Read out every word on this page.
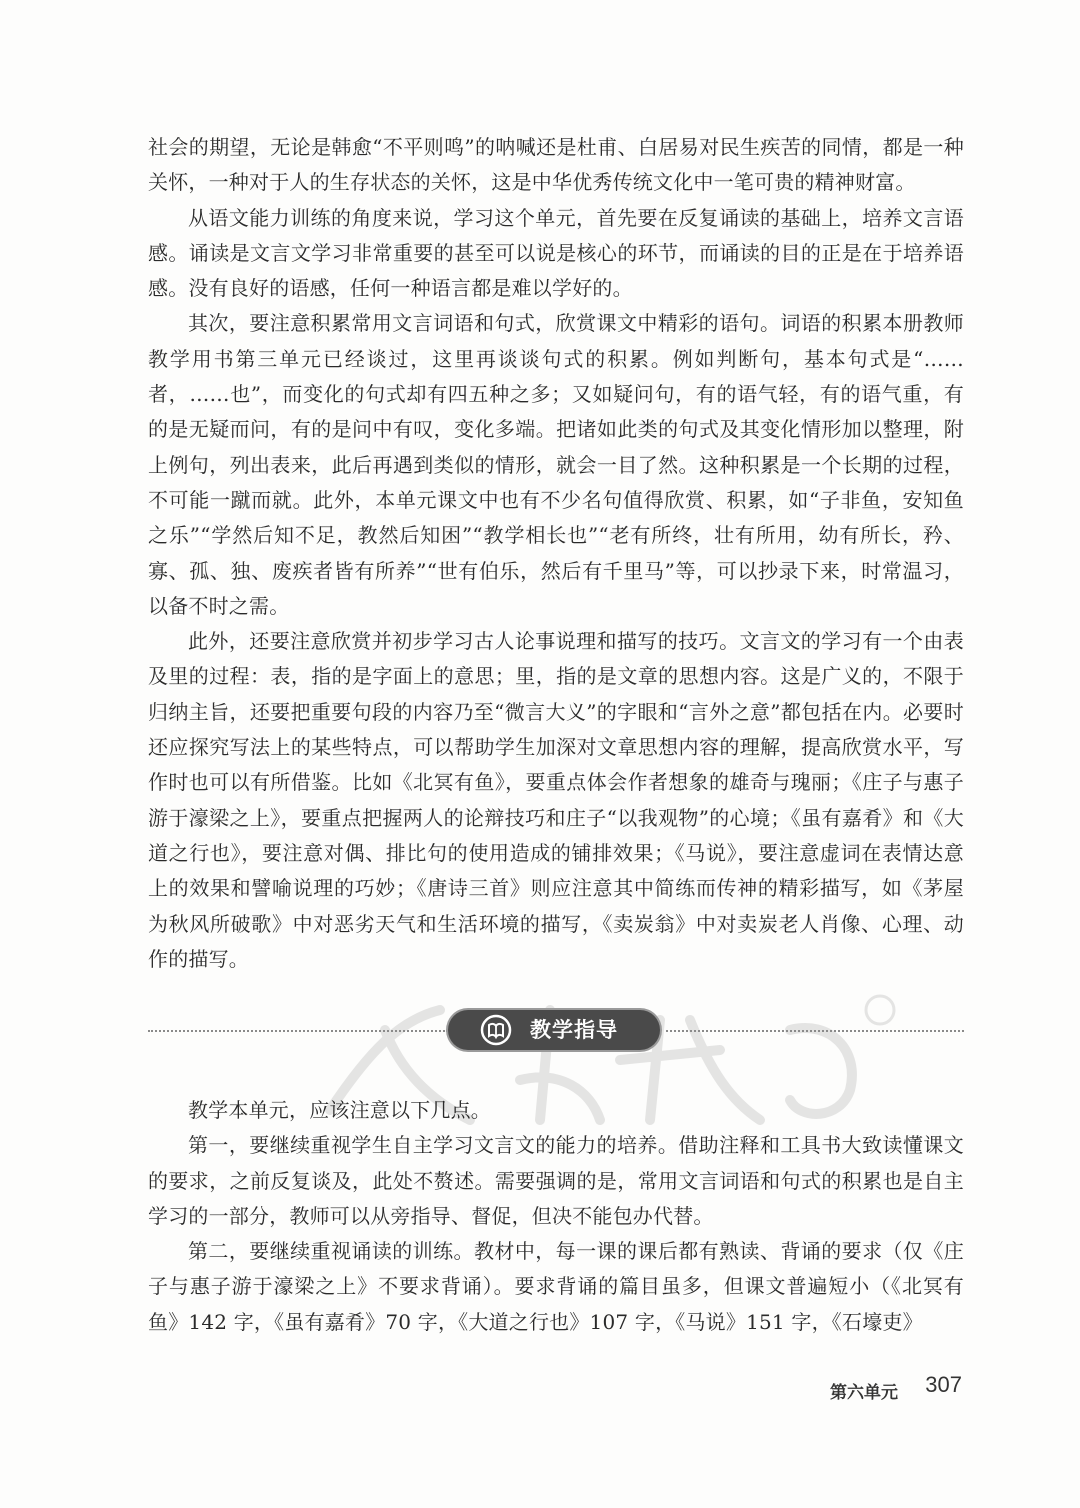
社会的期望，无论是韩愈“不平则鸣”的呐喊还是杜甫、白居易对民生疾苦的同情，都是一种关怀，一种对于人的生存状态的关怀，这是中华优秀传统文化中一笔可贵的精神财富。

从语文能力训练的角度来说，学习这个单元，首先要在反复诵读的基础上，培养文言语感。诵读是文言文学习非常重要的甚至可以说是核心的环节，而诵读的目的正是在于培养语感。没有良好的语感，任何一种语言都是难以学好的。

其次，要注意积累常用文言词语和句式，欣赏课文中精彩的语句。词语的积累本册教师教学用书第三单元已经谈过，这里再谈谈句式的积累。例如判断句，基本句式是“……者，……也”，而变化的句式却有四五种之多；又如疑问句，有的语气轻，有的语气重，有的是无疑而问，有的是问中有叹，变化多端。把诸如此类的句式及其变化情形加以整理，附上例句，列出表来，此后再遇到类似的情形，就会一目了然。这种积累是一个长期的过程，不可能一蹴而就。此外，本单元课文中也有不少名句值得欣赏、积累，如“子非鱼，安知鱼之乐”“学然后知不足，教然后知困”“教学相长也”“老有所终，壮有所用，幼有所长，矜、寡、孤、独、废疾者皆有所养”“世有伯乐，然后有千里马”等，可以抄录下来，时常温习，以备不时之需。

此外，还要注意欣赏并初步学习古人论事说理和描写的技巧。文言文的学习有一个由表及里的过程：表，指的是字面上的意思；里，指的是文章的思想内容。这是广义的，不限于归纳主旨，还要把重要句段的内容乃至“微言大义”的字眼和“言外之意”都包括在内。必要时还应探究写法上的某些特点，可以帮助学生加深对文章思想内容的理解，提高欣赏水平，写作时也可以有所借鉴。比如《北冥有鱼》，要重点体会作者想象的雄奇与瑰丽；《庄子与惠子游于濠梁之上》，要重点把握两人的论辩技巧和庄子“以我观物”的心境；《虽有嘉肴》和《大道之行也》，要注意对偶、排比句的使用造成的铺排效果；《马说》，要注意虚词在表情达意上的效果和譬喻说理的巧妙；《唐诗三首》则应注意其中简练而传神的精彩描写，如《茅屋为秋风所破歌》中对恶劣天气和生活环境的描写，《卖炭翁》中对卖炭老人肖像、心理、动作的描写。

教学指导

教学本单元，应该注意以下几点。

第一，要继续重视学生自主学习文言文的能力的培养。借助注释和工具书大致读懂课文的要求，之前反复谈及，此处不赘述。需要强调的是，常用文言词语和句式的积累也是自主学习的一部分，教师可以从旁指导、督促，但决不能包办代替。

第二，要继续重视诵读的训练。教材中，每一课的课后都有熟读、背诵的要求（仅《庄子与惠子游于濠梁之上》不要求背诵）。要求背诵的篇目虽多，但课文普遍短小（《北冥有鱼》142 字，《虽有嘉肴》70 字，《大道之行也》107 字，《马说》151 字，《石壕吏》

第六单元 307
